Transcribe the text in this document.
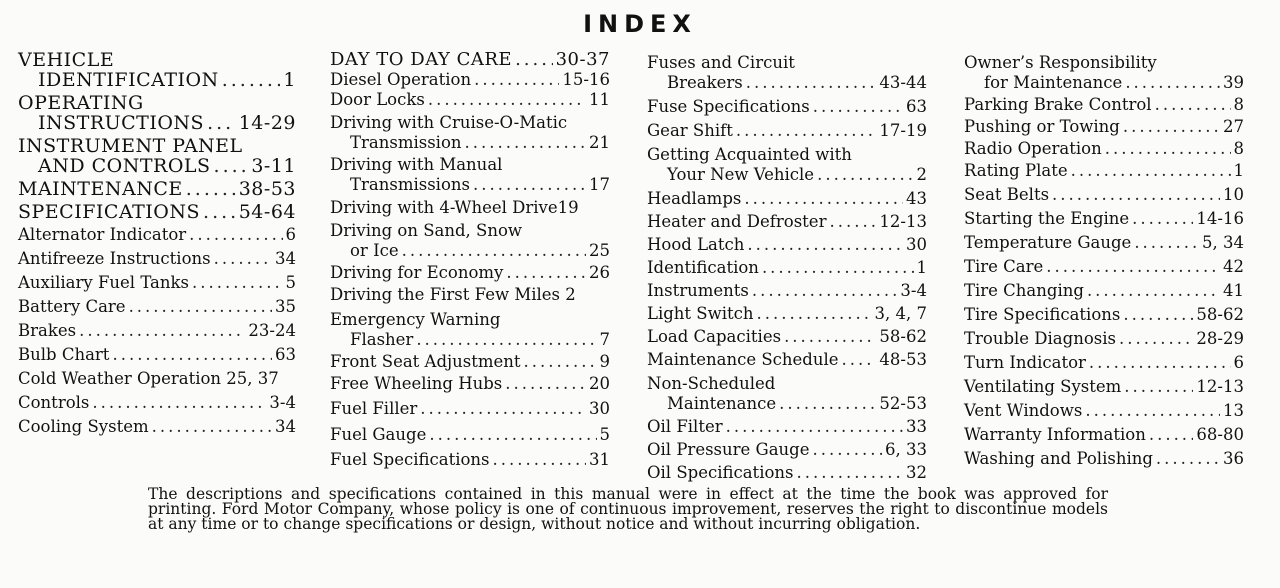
INDEX
VEHICLE
IDENTIFICATION .....	1
OPERATING
INSTRUCTIONS ..... 14-29
INSTRUMENT PANEL
AND CONTROLS ..... 3-11
MAINTENANCE .....	38-53
SPECIFICATIONS ..... 54-64
Alternator Indicator .....	6
Antifreeze Instructions .....	34
Auxiliary Fuel Tanks .....	5
Battery Care .....	35
Brakes .....	23-24
Bulb Chart .....	63
Cold Weather Operation 25, 37
Controls .....	3-4
Cooling System .....	34
DAY TO DAY CARE ..... 30-37
Diesel Operation .....	15-16
Door Locks .....	11
Driving with Cruise-O-Matic
Transmission .....	21
Driving with Manual
Transmissions .....	17
Driving with 4-Wheel Drive 19
Driving on Sand, Snow
or Ice .....	25
Driving for Economy .....	26
Driving the First Few Miles 2
Emergency Warning
Flasher .....	7
Front Seat Adjustment .....	9
Free Wheeling Hubs .....	20
Fuel Filler .....	30
Fuel Gauge .....	5
Fuel Specifications .....	31
Fuses and Circuit
Breakers .....	43-44
Fuse Specifications .....	63
Gear Shift .....	17-19
Getting Acquainted with
Your New Vehicle .....	2
Headlamps .....	43
Heater and Defroster .....	12-13
Hood Latch .....	30
Identification .....	1
Instruments .....	3-4
Light Switch .....	3, 4, 7
Load Capacities .....	58-62
Maintenance Schedule ..... 48-53
Non-Scheduled
Maintenance .....	52-53
Oil Filter .....	33
Oil Pressure Gauge .....	6, 33
Oil Specifications .....	32
Owner’s Responsibility
for Maintenance .....	39
Parking Brake Control .....	8
Pushing or Towing .....	27
Radio Operation .....	8
Rating Plate .....	1
Seat Belts .....	10
Starting the Engine .....	14-16
Temperature Gauge .....	5, 34
Tire Care .....	42
Tire Changing .....	41
Tire Specifications .....	58-62
Trouble Diagnosis .....	28-29
Turn Indicator .....	6
Ventilating System .....	12-13
Vent Windows .....	13
Warranty Information .....	68-80
Washing and Polishing .....	36
The descriptions and specifications contained in this manual were in effect at the time the book was approved for printing. Ford Motor Company, whose policy is one of continuous improvement, reserves the right to discontinue models at any time or to change specifications or design, without notice and without incurring obligation.
